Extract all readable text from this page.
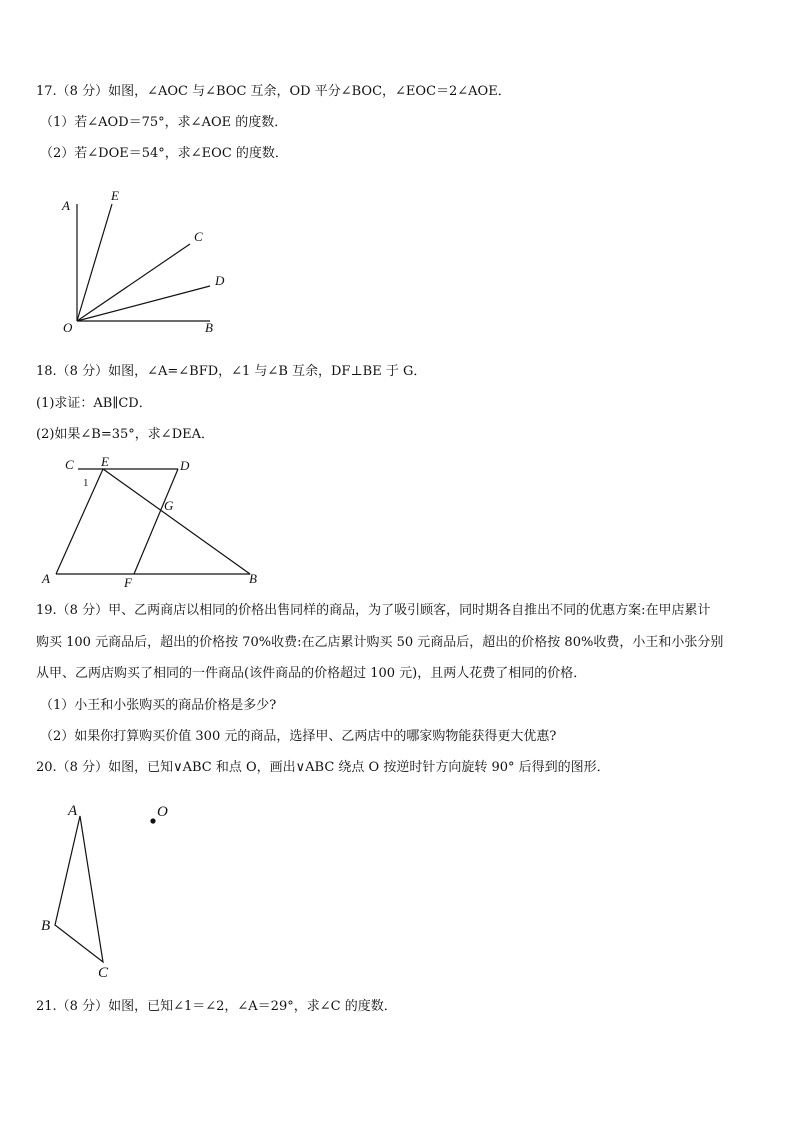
17.（8 分）如图，∠AOC 与∠BOC 互余，OD 平分∠BOC，∠EOC＝2∠AOE．
（1）若∠AOD＝75°，求∠AOE 的度数．
（2）若∠DOE＝54°，求∠EOC 的度数．
A
E
C
D
O	B
18.（8 分）如图，∠A=∠BFD，∠1 与∠B 互余，DF⊥BE 于 G．
(1)求证：AB∥CD．
(2)如果∠B=35°，求∠DEA．
C E	D
1
G
A	F	B
19.（8 分）甲、乙两商店以相同的价格出售同样的商品，为了吸引顾客，同时期各自推出不同的优惠方案:在甲店累计
购买 100 元商品后，超出的价格按 70%收费:在乙店累计购买 50 元商品后，超出的价格按 80%收费，小王和小张分别
从甲、乙两店购买了相同的一件商品(该件商品的价格超过 100 元)，且两人花费了相同的价格．
（1）小王和小张购买的商品价格是多少?
（2）如果你打算购买价值 300 元的商品，选择甲、乙两店中的哪家购物能获得更大优惠?
20.（8 分）如图，已知∨ABC 和点 O，画出∨ABC 绕点 O 按逆时针方向旋转 90° 后得到的图形．
A	O
B
C
21.（8 分）如图，已知∠1＝∠2，∠A＝29°，求∠C 的度数．
